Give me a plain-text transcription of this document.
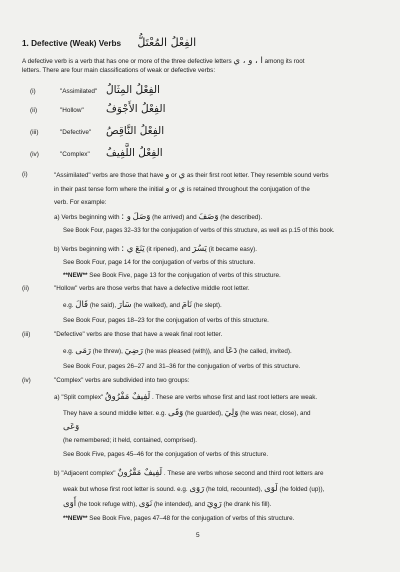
1. Defective (Weak) Verbs الفِعْلُ المُعْتَلُّ
A defective verb is a verb that has one or more of the three defective letters ا ، و ، ي among its root
letters. There are four main classifications of weak or defective verbs:
(i)	"Assimilated" الفِعْلُ المِثَالُ
(ii)	"Hollow" الفِعْلُ الأَجْوَفُ
(iii)	"Defective" الفِعْلُ النَّاقِصُ
(iv)	"Complex" الفِعْلُ اللَّفِيفُ
(i)	"Assimilated" verbs are those that have و or ي as their first root letter. They resemble sound verbs
in their past tense form where the initial و or ي is retained throughout the conjugation of the
verb. For example:
a) Verbs beginning with و : وَصَلَ (he arrived) and وَصَفَ (he described).
See Book Four, pages 32–33 for the conjugation of verbs of this structure, as well as p.15 of this book.
b) Verbs beginning with ي : يَنَعَ (it ripened), and يَسُرَ (it became easy).
See Book Four, page 14 for the conjugation of verbs of this structure.
**NEW** See Book Five, page 13 for the conjugation of verbs of this structure.
(ii)	"Hollow" verbs are those verbs that have a defective middle root letter.
e.g. قَالَ (he said), سَارَ (he walked), and نَامَ (he slept).
See Book Four, pages 18–23 for the conjugation of verbs of this structure.
(iii)	"Defective" verbs are those that have a weak final root letter.
e.g. رَمَى (he threw), رَضِيَ (he was pleased (with)), and دَعَا (he called, invited).
See Book Four, pages 26–27 and 31–36 for the conjugation of verbs of this structure.
(iv)	"Complex" verbs are subdivided into two groups:
a) "Split complex" لَفِيفٌ مَفْرُوقٌ . These are verbs whose first and last root letters are weak.
They have a sound middle letter. e.g. وَقَى (he guarded), وَلِيَ (he was near, close), and
وَعَى
(he remembered; it held, contained, comprised).
See Book Five, pages 45–46 for the conjugation of verbs of this structure.
b) "Adjacent complex" لَفِيفٌ مَقْرُونٌ . These are verbs whose second and third root letters are
weak but whose first root letter is sound. e.g. رَوَى (he told, recounted), لَوَى (he folded (up)),
أَوَى (he took refuge with), نَوَى (he intended), and رَوِيَ (he drank his fill).
**NEW** See Book Five, pages 47–48 for the conjugation of verbs of this structure.
5
